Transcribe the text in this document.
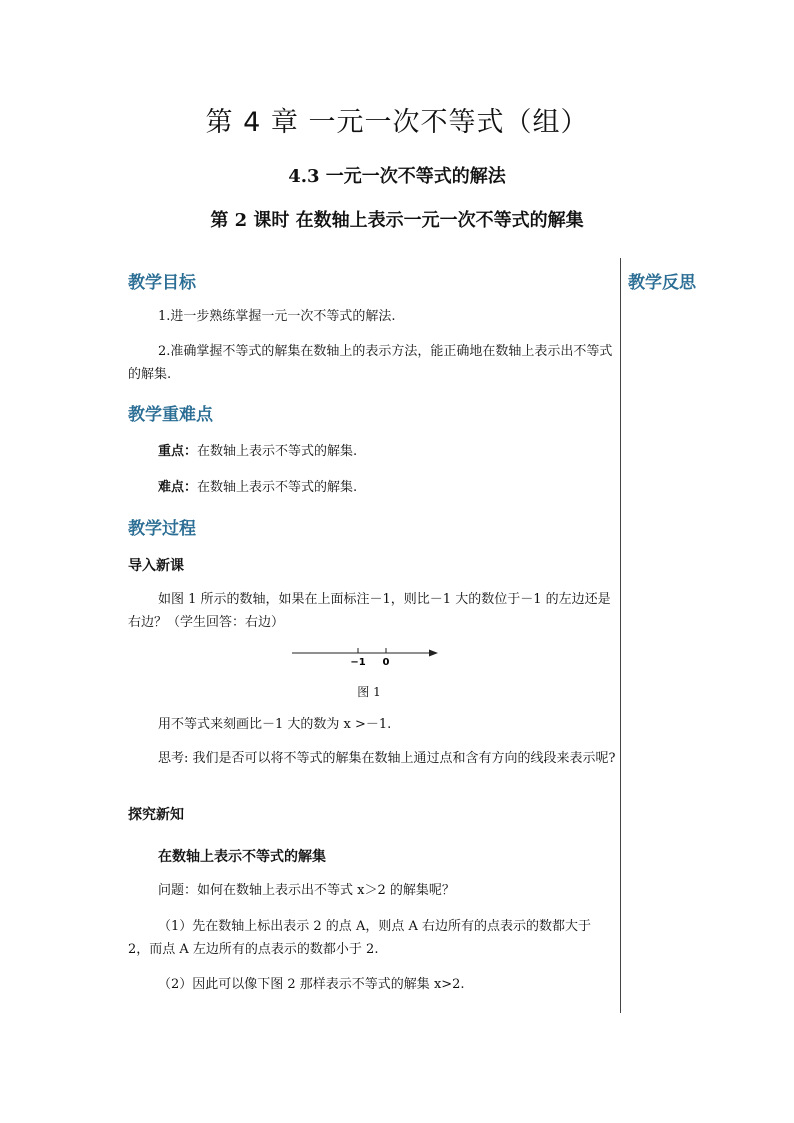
第 4 章 一元一次不等式（组）
4.3 一元一次不等式的解法
第 2 课时 在数轴上表示一元一次不等式的解集
教学反思
教学目标
1.进一步熟练掌握一元一次不等式的解法.
2.准确掌握不等式的解集在数轴上的表示方法，能正确地在数轴上表示出不等式的解集.
教学重难点
重点：在数轴上表示不等式的解集.
难点：在数轴上表示不等式的解集.
教学过程
导入新课
如图 1 所示的数轴，如果在上面标注－1，则比－1 大的数位于－1 的左边还是右边？（学生回答：右边）
−1 0
图 1
用不等式来刻画比－1 大的数为 x >－1.
思考: 我们是否可以将不等式的解集在数轴上通过点和含有方向的线段来表示呢?
探究新知
在数轴上表示不等式的解集
问题：如何在数轴上表示出不等式 x＞2 的解集呢？
（1）先在数轴上标出表示 2 的点 A，则点 A 右边所有的点表示的数都大于 2，而点 A 左边所有的点表示的数都小于 2.
（2）因此可以像下图 2 那样表示不等式的解集 x>2.
